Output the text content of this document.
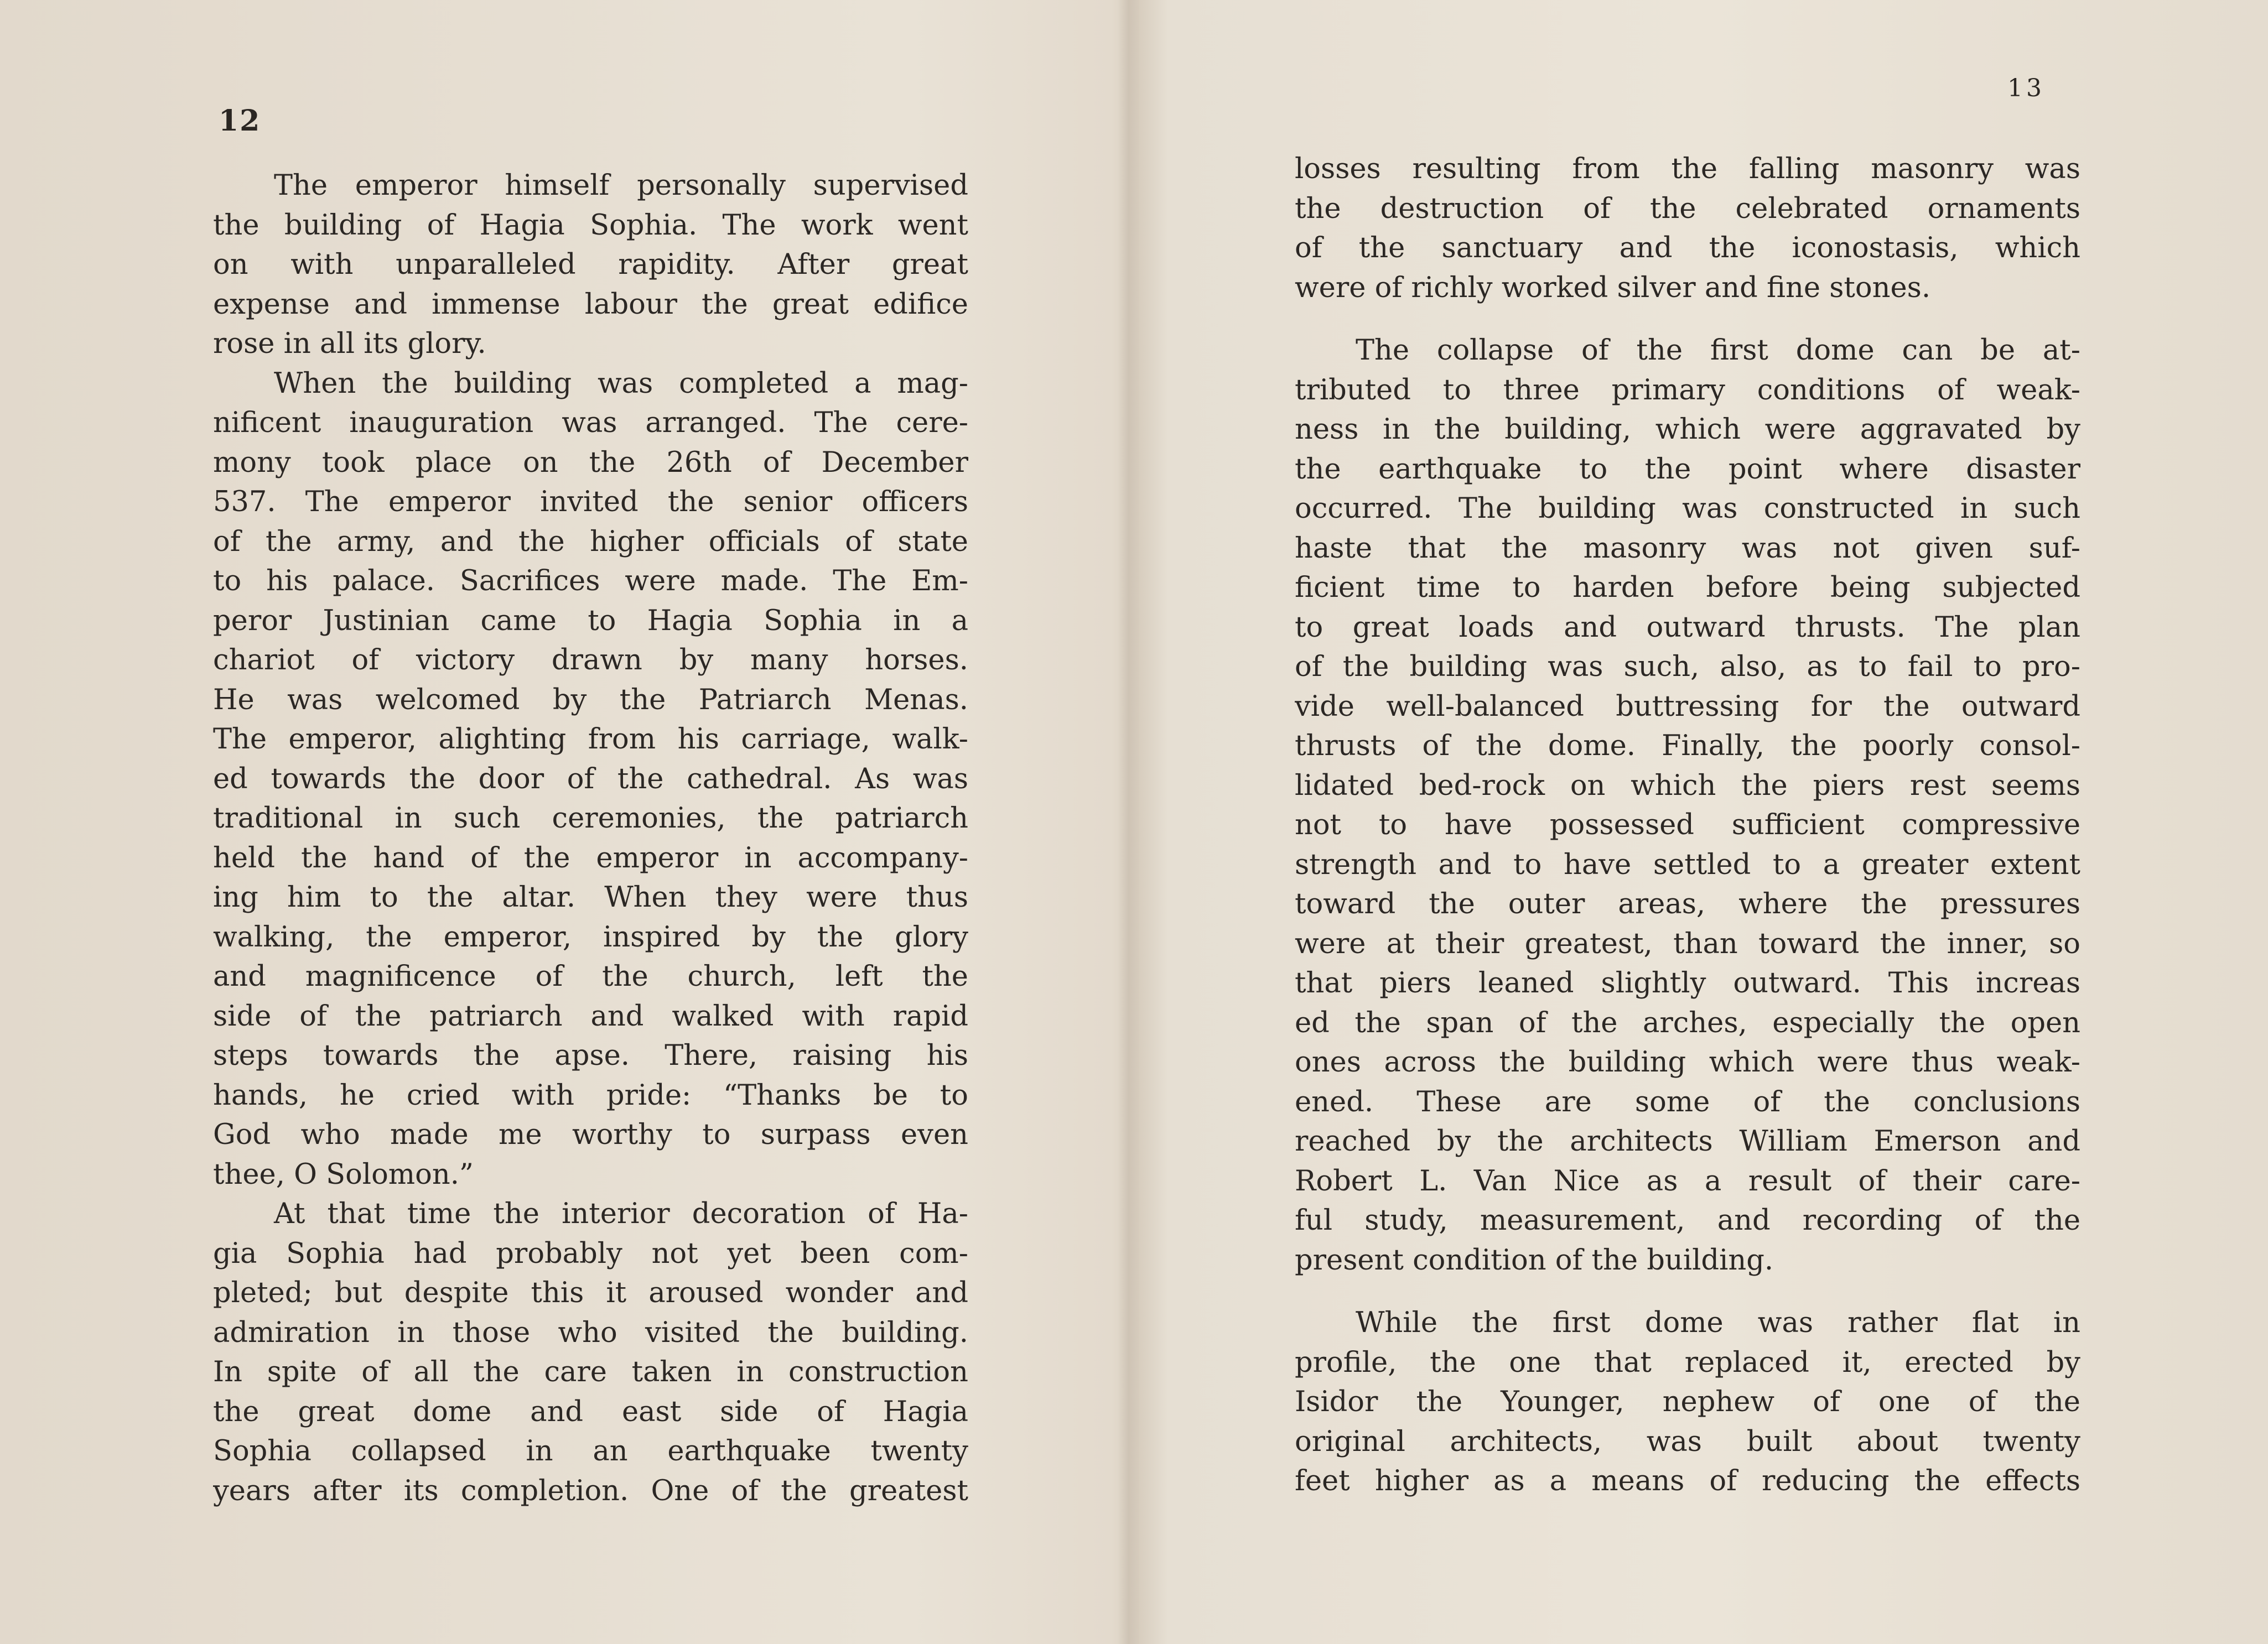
12
The emperor himself personally supervised
the building of Hagia Sophia. The work went
on with unparalleled rapidity. After great
expense and immense labour the great edifice
rose in all its glory.
When the building was completed a mag-
nificent inauguration was arranged. The cere-
mony took place on the 26th of December
537. The emperor invited the senior officers
of the army, and the higher officials of state
to his palace. Sacrifices were made. The Em-
peror Justinian came to Hagia Sophia in a
chariot of victory drawn by many horses.
He was welcomed by the Patriarch Menas.
The emperor, alighting from his carriage, walk-
ed towards the door of the cathedral. As was
traditional in such ceremonies, the patriarch
held the hand of the emperor in accompany-
ing him to the altar. When they were thus
walking, the emperor, inspired by the glory
and magnificence of the church, left the
side of the patriarch and walked with rapid
steps towards the apse. There, raising his
hands, he cried with pride: “Thanks be to
God who made me worthy to surpass even
thee, O Solomon.”
At that time the interior decoration of Ha-
gia Sophia had probably not yet been com-
pleted; but despite this it aroused wonder and
admiration in those who visited the building.
In spite of all the care taken in construction
the great dome and east side of Hagia
Sophia collapsed in an earthquake twenty
years after its completion. One of the greatest
13
losses resulting from the falling masonry was
the destruction of the celebrated ornaments
of the sanctuary and the iconostasis, which
were of richly worked silver and fine stones.
The collapse of the first dome can be at-
tributed to three primary conditions of weak-
ness in the building, which were aggravated by
the earthquake to the point where disaster
occurred. The building was constructed in such
haste that the masonry was not given suf-
ficient time to harden before being subjected
to great loads and outward thrusts. The plan
of the building was such, also, as to fail to pro-
vide well-balanced buttressing for the outward
thrusts of the dome. Finally, the poorly consol-
lidated bed-rock on which the piers rest seems
not to have possessed sufficient compressive
strength and to have settled to a greater extent
toward the outer areas, where the pressures
were at their greatest, than toward the inner, so
that piers leaned slightly outward. This increas
ed the span of the arches, especially the open
ones across the building which were thus weak-
ened. These are some of the conclusions
reached by the architects William Emerson and
Robert L. Van Nice as a result of their care-
ful study, measurement, and recording of the
present condition of the building.
While the first dome was rather flat in
profile, the one that replaced it, erected by
Isidor the Younger, nephew of one of the
original architects, was built about twenty
feet higher as a means of reducing the effects
